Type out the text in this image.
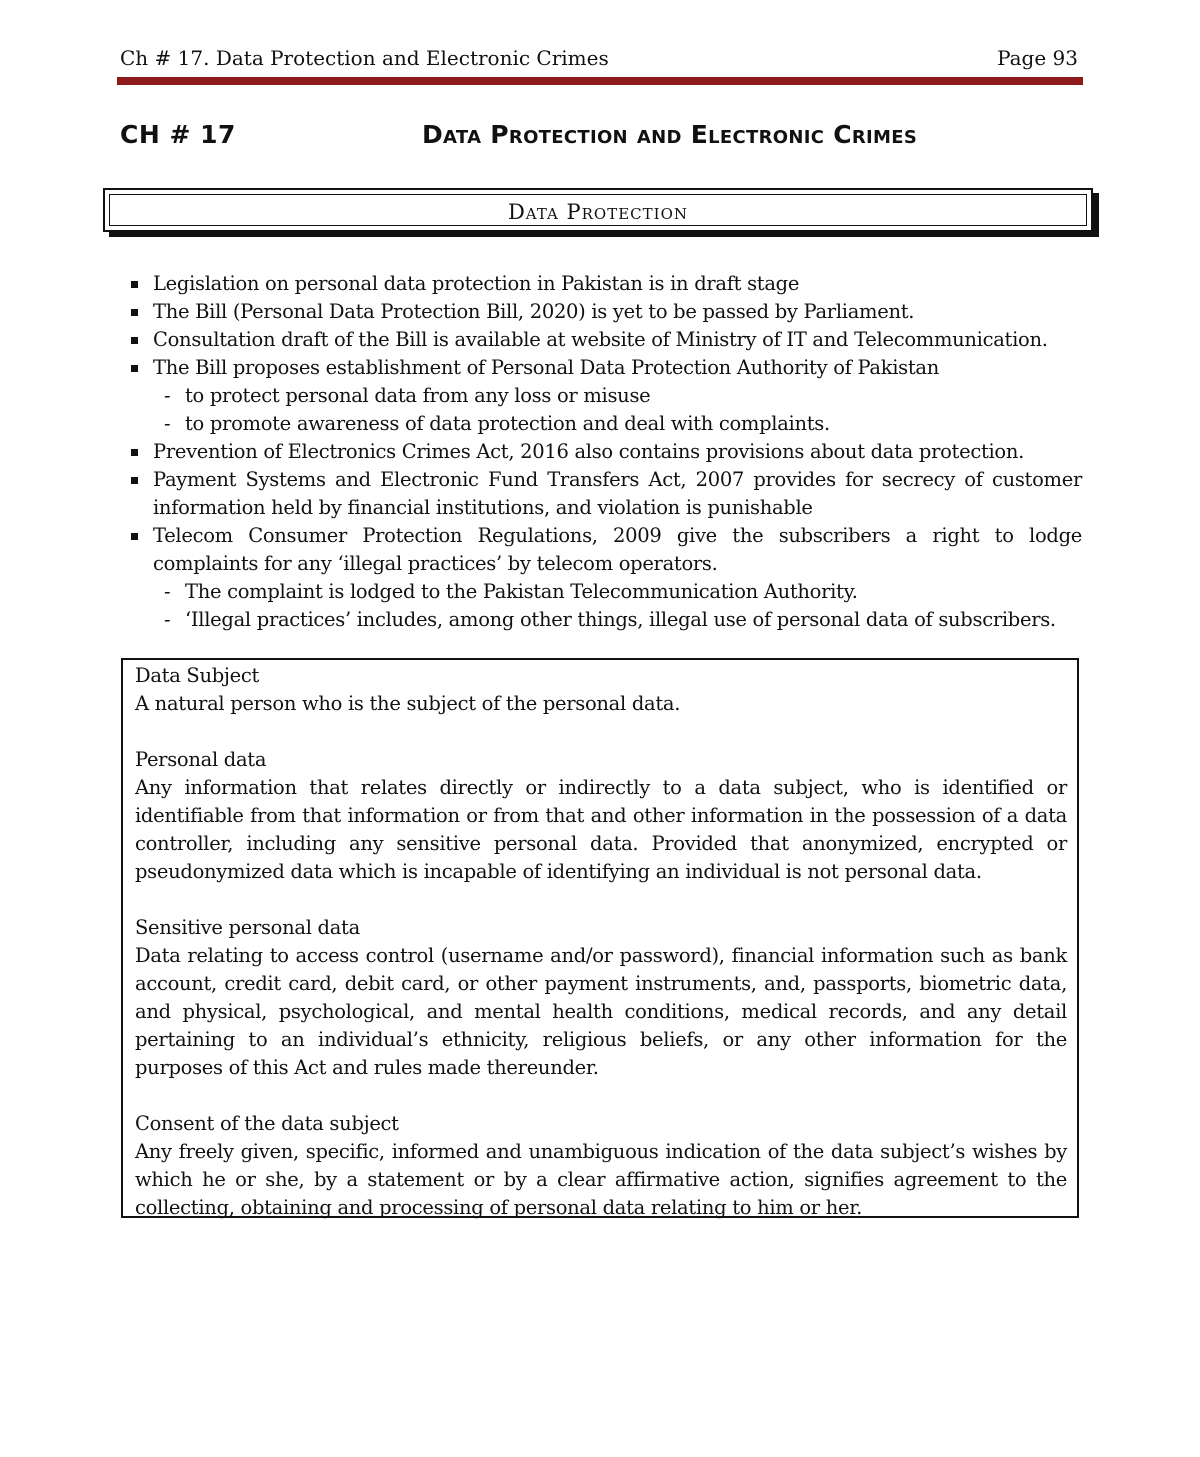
Ch # 17. Data Protection and Electronic Crimes	Page 93
CH # 17	Data Protection and Electronic Crimes
Data Protection
Legislation on personal data protection in Pakistan is in draft stage
The Bill (Personal Data Protection Bill, 2020) is yet to be passed by Parliament.
Consultation draft of the Bill is available at website of Ministry of IT and Telecommunication.
The Bill proposes establishment of Personal Data Protection Authority of Pakistan
- to protect personal data from any loss or misuse
- to promote awareness of data protection and deal with complaints.
Prevention of Electronics Crimes Act, 2016 also contains provisions about data protection.
Payment Systems and Electronic Fund Transfers Act, 2007 provides for secrecy of customer information held by financial institutions, and violation is punishable
Telecom Consumer Protection Regulations, 2009 give the subscribers a right to lodge complaints for any ‘illegal practices’ by telecom operators.
- The complaint is lodged to the Pakistan Telecommunication Authority.
- ‘Illegal practices’ includes, among other things, illegal use of personal data of subscribers.
Data Subject
A natural person who is the subject of the personal data.
Personal data
Any information that relates directly or indirectly to a data subject, who is identified or identifiable from that information or from that and other information in the possession of a data controller, including any sensitive personal data. Provided that anonymized, encrypted or pseudonymized data which is incapable of identifying an individual is not personal data.
Sensitive personal data
Data relating to access control (username and/or password), financial information such as bank account, credit card, debit card, or other payment instruments, and, passports, biometric data, and physical, psychological, and mental health conditions, medical records, and any detail pertaining to an individual’s ethnicity, religious beliefs, or any other information for the purposes of this Act and rules made thereunder.
Consent of the data subject
Any freely given, specific, informed and unambiguous indication of the data subject’s wishes by which he or she, by a statement or by a clear affirmative action, signifies agreement to the collecting, obtaining and processing of personal data relating to him or her.
